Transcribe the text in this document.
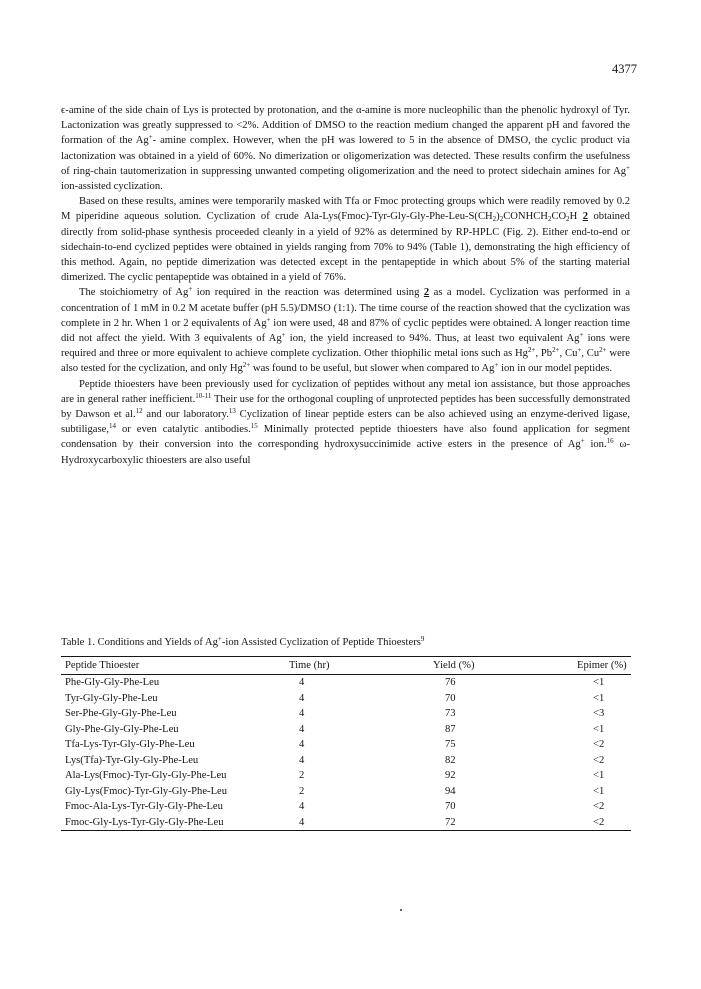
4377

ϵ-amine of the side chain of Lys is protected by protonation, and the α-amine is more nucleophilic than the phenolic hydroxyl of Tyr. Lactonization was greatly suppressed to <2%. Addition of DMSO to the reaction medium changed the apparent pH and favored the formation of the Ag+- amine complex. However, when the pH was lowered to 5 in the absence of DMSO, the cyclic product via lactonization was obtained in a yield of 60%. No dimerization or oligomerization was detected. These results confirm the usefulness of ring-chain tautomerization in suppressing unwanted competing oligomerization and the need to protect sidechain amines for Ag+ ion-assisted cyclization.

Based on these results, amines were temporarily masked with Tfa or Fmoc protecting groups which were readily removed by 0.2 M piperidine aqueous solution. Cyclization of crude Ala-$Lys(Fmoc)-Tyr-Gly-Gly-Phe-Leu-S(CH_2)_2CONHCH_2CO_2H$ 2 obtained directly from solid-phase synthesis proceeded cleanly in a yield of 92% as determined by RP-HPLC (Fig. 2). Either end-to-end or sidechain-to-end cyclized peptides were obtained in yields ranging from 70% to 94% (Table 1), demonstrating the high efficiency of this method. Again, no peptide dimerization was detected except in the pentapeptide in which about 5% of the starting material dimerized. The cyclic pentapeptide was obtained in a yield of 76%.

The stoichiometry of Ag+ ion required in the reaction was determined using 2 as a model. Cyclization was performed in a concentration of 1 mM in 0.2 M acetate buffer (pH 5.5)/DMSO (1:1). The time course of the reaction showed that the cyclization was complete in 2 hr. When 1 or 2 equivalents of Ag+ ion were used, 48 and 87% of cyclic peptides were obtained. A longer reaction time did not affect the yield. With 3 equivalents of Ag+ ion, the yield increased to 94%. Thus, at least two equivalent Ag+ ions were required and three or more equivalent to achieve complete cyclization. Other thiophilic metal ions such as $Hg^{2+}$, $Pb^{2+}$, Cu+, $Cu^{2+}$ were also tested for the cyclization, and only $Hg^{2+}$ was found to be useful, but slower when compared to Ag+ ion in our model peptides.

Peptide thioesters have been previously used for cyclization of peptides without any metal ion assistance, but those approaches are in general rather inefficient.$^{10-11}$ Their use for the orthogonal coupling of unprotected peptides has been successfully demonstrated by Dawson et al.$^{12}$ and our laboratory.$^{13}$ Cyclization of linear peptide esters can be also achieved using an enzyme-derived ligase, subtiligase,$^{14}$ or even catalytic antibodies.$^{15}$ Minimally protected peptide thioesters have also found application for segment condensation by their conversion into the corresponding hydroxysuccinimide active esters in the presence of Ag+ ion.$^{16}$ ω-Hydroxycarboxylic thioesters are also useful

Table 1. Conditions and Yields of Ag+-ion Assisted Cyclization of Peptide Thioesters$^9$
Peptide Thioester	Time (hr)	Yield (%)	Epimer (%)
Phe-Gly-Gly-Phe-Leu	4	76	<1
Tyr-Gly-Gly-Phe-Leu	4	70	<1
Ser-Phe-Gly-Gly-Phe-Leu	4	73	<3
Gly-Phe-Gly-Gly-Phe-Leu	4	87	<1
Tfa-Lys-Tyr-Gly-Gly-Phe-Leu	4	75	<2
Lys(Tfa)-Tyr-Gly-Gly-Phe-Leu	4	82	<2
Ala-Lys(Fmoc)-Tyr-Gly-Gly-Phe-Leu	2	92	<1
Gly-Lys(Fmoc)-Tyr-Gly-Gly-Phe-Leu	2	94	<1
Fmoc-Ala-Lys-Tyr-Gly-Gly-Phe-Leu	4	70	<2
Fmoc-Gly-Lys-Tyr-Gly-Gly-Phe-Leu	4	72	<2
